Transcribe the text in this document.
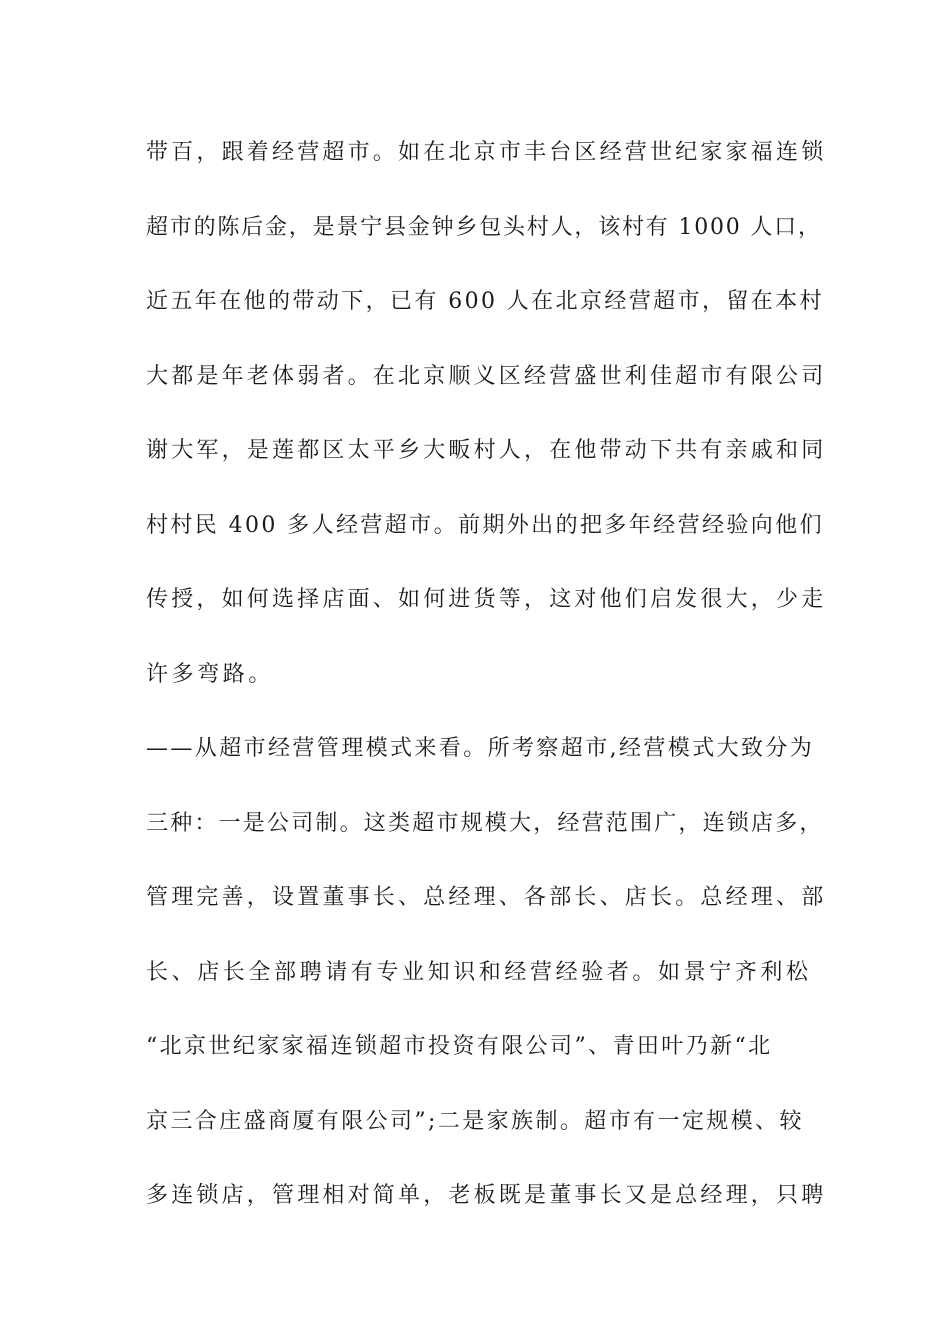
带百，跟着经营超市。如在北京市丰台区经营世纪家家福连锁
超市的陈后金，是景宁县金钟乡包头村人，该村有 1000 人口，
近五年在他的带动下，已有 600 人在北京经营超市，留在本村
大都是年老体弱者。在北京顺义区经营盛世利佳超市有限公司
谢大军，是莲都区太平乡大畈村人，在他带动下共有亲戚和同
村村民 400 多人经营超市。前期外出的把多年经营经验向他们
传授，如何选择店面、如何进货等，这对他们启发很大，少走
许多弯路。
——从超市经营管理模式来看。所考察超市,经营模式大致分为
三种：一是公司制。这类超市规模大，经营范围广，连锁店多，
管理完善，设置董事长、总经理、各部长、店长。总经理、部
长、店长全部聘请有专业知识和经营经验者。如景宁齐利松
“北京世纪家家福连锁超市投资有限公司”、青田叶乃新“北
京三合庄盛商厦有限公司”;二是家族制。超市有一定规模、较
多连锁店，管理相对简单，老板既是董事长又是总经理，只聘
